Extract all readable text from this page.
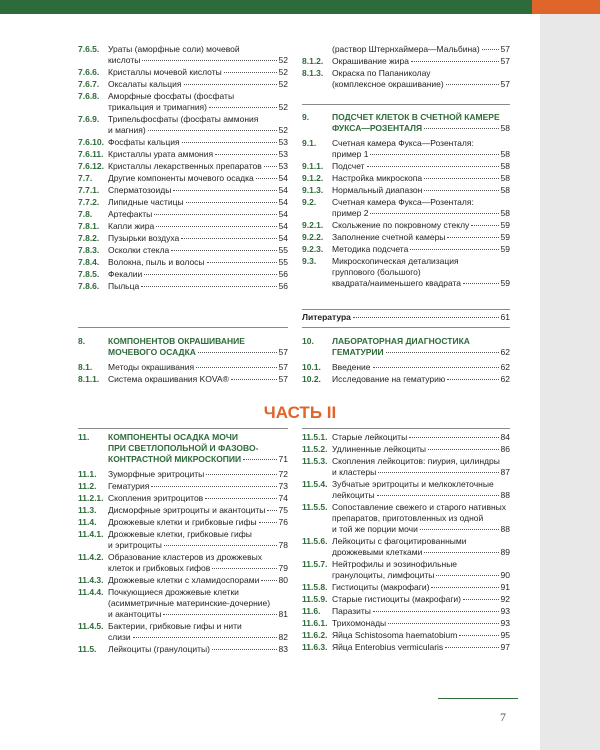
7.6.5. Ураты (аморфные соли) мочевой
кислоты	52
7.6.6. Кристаллы мочевой кислоты	52
7.6.7. Оксалаты кальция	52
7.6.8. Аморфные фосфаты (фосфаты
трикальция и тримагния)	52
7.6.9. Трипельфосфаты (фосфаты аммония
и магния)	52
7.6.10. Фосфаты кальция	53
7.6.11. Кристаллы урата аммония	53
7.6.12. Кристаллы лекарственных препаратов 53
7.7. Другие компоненты мочевого осадка	54
7.7.1. Сперматозоиды	54
7.7.2. Липидные частицы	54
7.8. Артефакты	54
7.8.1. Капли жира	54
7.8.2. Пузырьки воздуха	54
7.8.3. Осколки стекла	55
7.8.4. Волокна, пыль и волосы	55
7.8.5. Фекалии	56
7.8.6. Пыльца	56
8.	КОМПОНЕНТОВ ОКРАШИВАНИЕ
МОЧЕВОГО ОСАДКА	57
8.1. Методы окрашивания	57
8.1.1. Система окрашивания KOVA®	57
(раствор Штернхаймера—Мальбина) 57
8.1.2. Окрашивание жира	57
8.1.3. Окраска по Папаниколау
(комплексное окрашивание)	57
9.	ПОДСЧЕТ КЛЕТОК В СЧЕТНОЙ КАМЕРЕ
ФУКСА—РОЗЕНТАЛЯ	58
9.1. Счетная камера Фукса—Розенталя:
пример 1	58
9.1.1. Подсчет	58
9.1.2. Настройка микроскопа	58
9.1.3. Нормальный диапазон	58
9.2. Счетная камера Фукса—Розенталя:
пример 2	58
9.2.1. Скольжение по покровному стеклу	59
9.2.2. Заполнение счетной камеры	59
9.2.3. Методика подсчета	59
9.3. Микроскопическая детализация
группового (большого)
квадрата/наименьшего квадрата	59
Литература	61
10. ЛАБОРАТОРНАЯ ДИАГНОСТИКА
ГЕМАТУРИИ	62
10.1. Введение	62
10.2. Исследование на гематурию	62
ЧАСТЬ II
11. КОМПОНЕНТЫ ОСАДКА МОЧИ
ПРИ СВЕТЛОПОЛЬНОЙ И ФАЗОВО-
КОНТРАСТНОЙ МИКРОСКОПИИ	71
11.1. Зуморфные эритроциты	72
11.2. Гематурия	73
11.2.1. Скопления эритроцитов	74
11.3. Дисморфные эритроциты и акантоциты 75
11.4. Дрожжевые клетки и грибковые гифы	76
11.4.1. Дрожжевые клетки, грибковые гифы
и эритроциты	78
11.4.2. Образование кластеров из дрожжевых
клеток и грибковых гифов	79
11.4.3. Дрожжевые клетки с хламидоспорами 80
11.4.4. Почкующиеся дрожжевые клетки
(асимметричные материнские-дочерние)
и акантоциты	81
11.4.5. Бактерии, грибковые гифы и нити
слизи	82
11.5. Лейкоциты (гранулоциты)	83
11.5.1. Старые лейкоциты	84
11.5.2. Удлиненные лейкоциты	86
11.5.3. Скопления лейкоцитов: пиурия, цилиндры
и кластеры	87
11.5.4. Зубчатые эритроциты и мелкоклеточные
лейкоциты	88
11.5.5. Сопоставление свежего и старого нативных
препаратов, приготовленных из одной
и той же порции мочи	88
11.5.6. Лейкоциты с фагоцитированными
дрожжевыми клетками	89
11.5.7. Нейтрофилы и эозинофильные
гранулоциты, лимфоциты	90
11.5.8. Гистиоциты (макрофаги)	91
11.5.9. Старые гистиоциты (макрофаги)	92
11.6. Паразиты	93
11.6.1. Трихомонады	93
11.6.2. Яйца Schistosoma haematobium	95
11.6.3. Яйца Enterobius vermicularis	97
7
